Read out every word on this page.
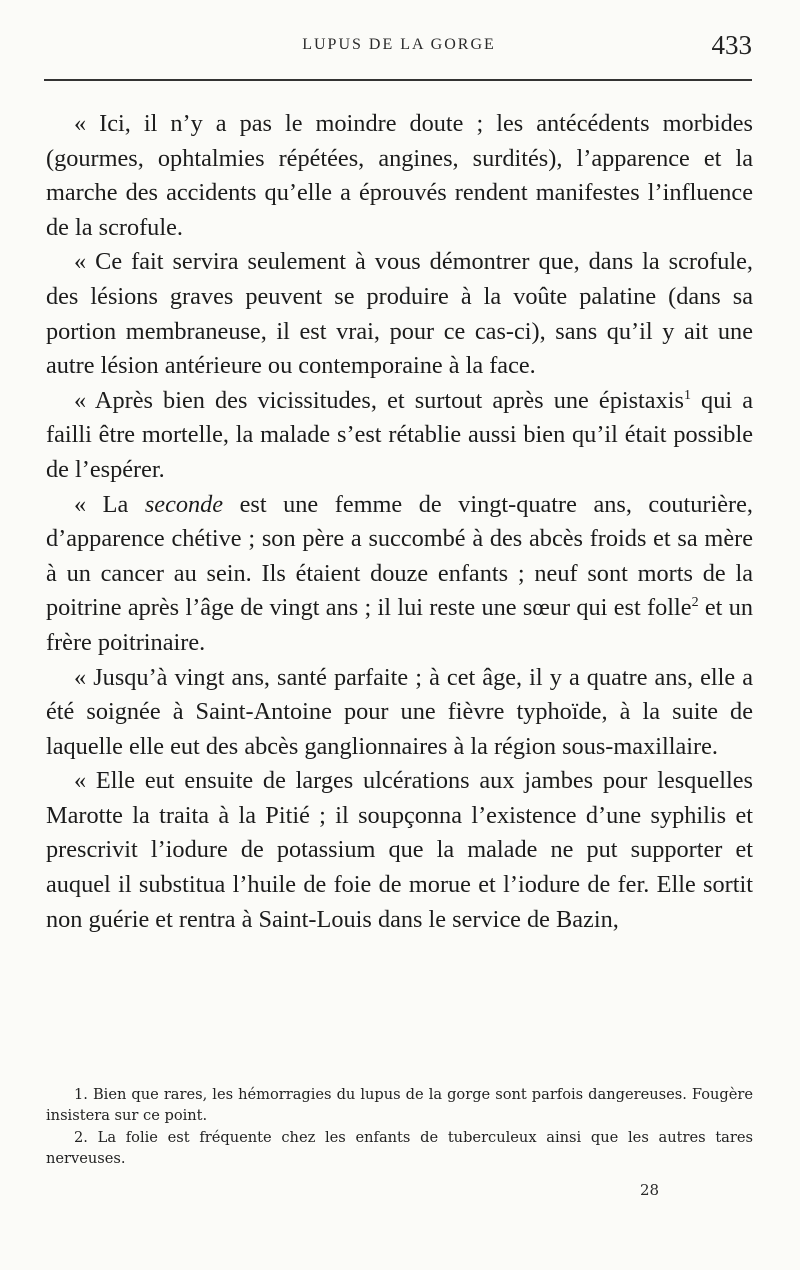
LUPUS DE LA GORGE	433

« Ici, il n’y a pas le moindre doute ; les antécédents morbides (gourmes, ophtalmies répétées, angines, surdités), l’apparence et la marche des accidents qu’elle a éprouvés rendent manifestes l’influence de la scrofule.

« Ce fait servira seulement à vous démontrer que, dans la scrofule, des lésions graves peuvent se produire à la voûte palatine (dans sa portion membraneuse, il est vrai, pour ce cas-ci), sans qu’il y ait une autre lésion antérieure ou contemporaine à la face.

« Après bien des vicissitudes, et surtout après une épistaxis$^1$ qui a failli être mortelle, la malade s’est rétablie aussi bien qu’il était possible de l’espérer.

« La seconde est une femme de vingt-quatre ans, couturière, d’apparence chétive ; son père a succombé à des abcès froids et sa mère à un cancer au sein. Ils étaient douze enfants ; neuf sont morts de la poitrine après l’âge de vingt ans ; il lui reste une sœur qui est folle$^2$ et un frère poitrinaire.

« Jusqu’à vingt ans, santé parfaite ; à cet âge, il y a quatre ans, elle a été soignée à Saint-Antoine pour une fièvre typhoïde, à la suite de laquelle elle eut des abcès ganglionnaires à la région sous-maxillaire.

« Elle eut ensuite de larges ulcérations aux jambes pour lesquelles Marotte la traita à la Pitié ; il soupçonna l’existence d’une syphilis et prescrivit l’iodure de potassium que la malade ne put supporter et auquel il substitua l’huile de foie de morue et l’iodure de fer. Elle sortit non guérie et rentra à Saint-Louis dans le service de Bazin,

1. Bien que rares, les hémorragies du lupus de la gorge sont parfois dangereuses. Fougère insistera sur ce point.

2. La folie est fréquente chez les enfants de tuberculeux ainsi que les autres tares nerveuses.

28
